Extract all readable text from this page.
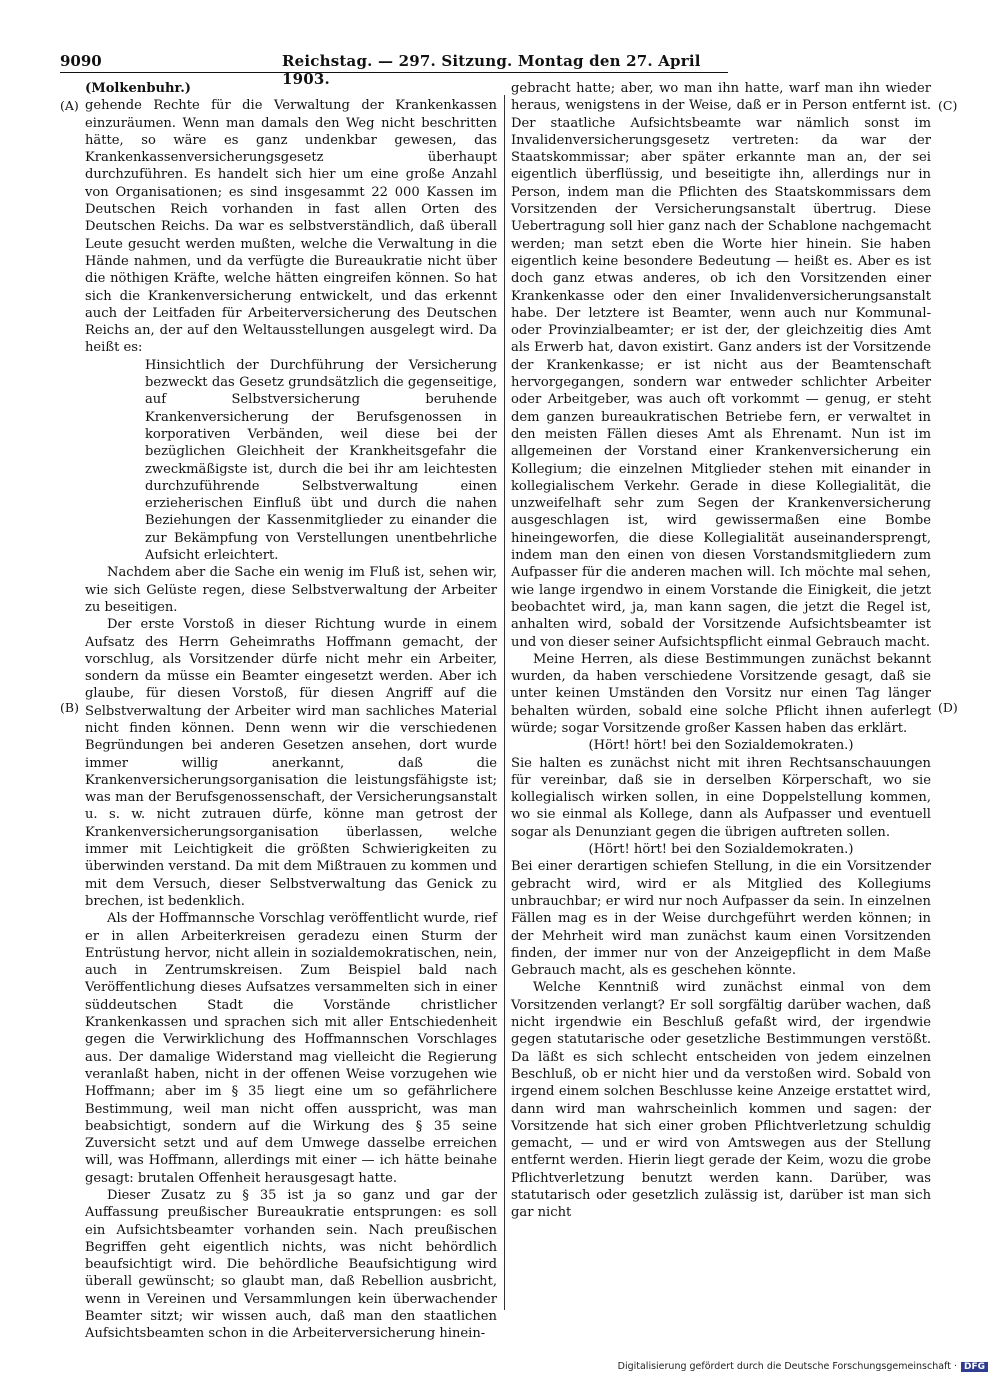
9090	Reichstag. — 297. Sitzung. Montag den 27. April 1903.
(A)
(B)
(C)
(D)

(Molkenbuhr.)

gehende Rechte für die Verwaltung der Krankenkassen einzuräumen. Wenn man damals den Weg nicht beschritten hätte, so wäre es ganz undenkbar gewesen, das Krankenkassenversicherungsgesetz überhaupt durchzuführen. Es handelt sich hier um eine große Anzahl von Organisationen; es sind insgesammt 22 000 Kassen im Deutschen Reich vorhanden in fast allen Orten des Deutschen Reichs. Da war es selbstverständlich, daß überall Leute gesucht werden mußten, welche die Verwaltung in die Hände nahmen, und da verfügte die Bureaukratie nicht über die nöthigen Kräfte, welche hätten eingreifen können. So hat sich die Krankenversicherung entwickelt, und das erkennt auch der Leitfaden für Arbeiterversicherung des Deutschen Reichs an, der auf den Weltausstellungen ausgelegt wird. Da heißt es:

Hinsichtlich der Durchführung der Versicherung bezweckt das Gesetz grundsätzlich die gegenseitige, auf Selbstversicherung beruhende Krankenversicherung der Berufsgenossen in korporativen Verbänden, weil diese bei der bezüglichen Gleichheit der Krankheitsgefahr die zweckmäßigste ist, durch die bei ihr am leichtesten durchzuführende Selbstverwaltung einen erzieherischen Einfluß übt und durch die nahen Beziehungen der Kassenmitglieder zu einander die zur Bekämpfung von Verstellungen unentbehrliche Aufsicht erleichtert.

Nachdem aber die Sache ein wenig im Fluß ist, sehen wir, wie sich Gelüste regen, diese Selbstverwaltung der Arbeiter zu beseitigen.

Der erste Vorstoß in dieser Richtung wurde in einem Aufsatz des Herrn Geheimraths Hoffmann gemacht, der vorschlug, als Vorsitzender dürfe nicht mehr ein Arbeiter, sondern da müsse ein Beamter eingesetzt werden. Aber ich glaube, für diesen Vorstoß, für diesen Angriff auf die Selbstverwaltung der Arbeiter wird man sachliches Material nicht finden können. Denn wenn wir die verschiedenen Begründungen bei anderen Gesetzen ansehen, dort wurde immer willig anerkannt, daß die Krankenversicherungsorganisation die leistungsfähigste ist; was man der Berufsgenossenschaft, der Versicherungsanstalt u. s. w. nicht zutrauen dürfe, könne man getrost der Krankenversicherungsorganisation überlassen, welche immer mit Leichtigkeit die größten Schwierigkeiten zu überwinden verstand. Da mit dem Mißtrauen zu kommen und mit dem Versuch, dieser Selbstverwaltung das Genick zu brechen, ist bedenklich.

Als der Hoffmannsche Vorschlag veröffentlicht wurde, rief er in allen Arbeiterkreisen geradezu einen Sturm der Entrüstung hervor, nicht allein in sozialdemokratischen, nein, auch in Zentrumskreisen. Zum Beispiel bald nach Veröffentlichung dieses Aufsatzes versammelten sich in einer süddeutschen Stadt die Vorstände christlicher Krankenkassen und sprachen sich mit aller Entschiedenheit gegen die Verwirklichung des Hoffmannschen Vorschlages aus. Der damalige Widerstand mag vielleicht die Regierung veranlaßt haben, nicht in der offenen Weise vorzugehen wie Hoffmann; aber im § 35 liegt eine um so gefährlichere Bestimmung, weil man nicht offen ausspricht, was man beabsichtigt, sondern auf die Wirkung des § 35 seine Zuversicht setzt und auf dem Umwege dasselbe erreichen will, was Hoffmann, allerdings mit einer — ich hätte beinahe gesagt: brutalen Offenheit herausgesagt hatte.

Dieser Zusatz zu § 35 ist ja so ganz und gar der Auffassung preußischer Bureaukratie entsprungen: es soll ein Aufsichtsbeamter vorhanden sein. Nach preußischen Begriffen geht eigentlich nichts, was nicht behördlich beaufsichtigt wird. Die behördliche Beaufsichtigung wird überall gewünscht; so glaubt man, daß Rebellion ausbricht, wenn in Vereinen und Versammlungen kein überwachender Beamter sitzt; wir wissen auch, daß man den staatlichen Aufsichtsbeamten schon in die Arbeiterversicherung hinein-

gebracht hatte; aber, wo man ihn hatte, warf man ihn wieder heraus, wenigstens in der Weise, daß er in Person entfernt ist. Der staatliche Aufsichtsbeamte war nämlich sonst im Invalidenversicherungsgesetz vertreten: da war der Staatskommissar; aber später erkannte man an, der sei eigentlich überflüssig, und beseitigte ihn, allerdings nur in Person, indem man die Pflichten des Staatskommissars dem Vorsitzenden der Versicherungsanstalt übertrug. Diese Uebertragung soll hier ganz nach der Schablone nachgemacht werden; man setzt eben die Worte hier hinein. Sie haben eigentlich keine besondere Bedeutung — heißt es. Aber es ist doch ganz etwas anderes, ob ich den Vorsitzenden einer Krankenkasse oder den einer Invalidenversicherungsanstalt habe. Der letztere ist Beamter, wenn auch nur Kommunal- oder Provinzialbeamter; er ist der, der gleichzeitig dies Amt als Erwerb hat, davon existirt. Ganz anders ist der Vorsitzende der Krankenkasse; er ist nicht aus der Beamtenschaft hervorgegangen, sondern war entweder schlichter Arbeiter oder Arbeitgeber, was auch oft vorkommt — genug, er steht dem ganzen bureaukratischen Betriebe fern, er verwaltet in den meisten Fällen dieses Amt als Ehrenamt. Nun ist im allgemeinen der Vorstand einer Krankenversicherung ein Kollegium; die einzelnen Mitglieder stehen mit einander in kollegialischem Verkehr. Gerade in diese Kollegialität, die unzweifelhaft sehr zum Segen der Krankenversicherung ausgeschlagen ist, wird gewissermaßen eine Bombe hineingeworfen, die diese Kollegialität auseinandersprengt, indem man den einen von diesen Vorstandsmitgliedern zum Aufpasser für die anderen machen will. Ich möchte mal sehen, wie lange irgendwo in einem Vorstande die Einigkeit, die jetzt beobachtet wird, ja, man kann sagen, die jetzt die Regel ist, anhalten wird, sobald der Vorsitzende Aufsichtsbeamter ist und von dieser seiner Aufsichtspflicht einmal Gebrauch macht.

Meine Herren, als diese Bestimmungen zunächst bekannt wurden, da haben verschiedene Vorsitzende gesagt, daß sie unter keinen Umständen den Vorsitz nur einen Tag länger behalten würden, sobald eine solche Pflicht ihnen auferlegt würde; sogar Vorsitzende großer Kassen haben das erklärt.

(Hört! hört! bei den Sozialdemokraten.)

Sie halten es zunächst nicht mit ihren Rechtsanschauungen für vereinbar, daß sie in derselben Körperschaft, wo sie kollegialisch wirken sollen, in eine Doppelstellung kommen, wo sie einmal als Kollege, dann als Aufpasser und eventuell sogar als Denunziant gegen die übrigen auftreten sollen.

(Hört! hört! bei den Sozialdemokraten.)

Bei einer derartigen schiefen Stellung, in die ein Vorsitzender gebracht wird, wird er als Mitglied des Kollegiums unbrauchbar; er wird nur noch Aufpasser da sein. In einzelnen Fällen mag es in der Weise durchgeführt werden können; in der Mehrheit wird man zunächst kaum einen Vorsitzenden finden, der immer nur von der Anzeigepflicht in dem Maße Gebrauch macht, als es geschehen könnte.

Welche Kenntniß wird zunächst einmal von dem Vorsitzenden verlangt? Er soll sorgfältig darüber wachen, daß nicht irgendwie ein Beschluß gefaßt wird, der irgendwie gegen statutarische oder gesetzliche Bestimmungen verstößt. Da läßt es sich schlecht entscheiden von jedem einzelnen Beschluß, ob er nicht hier und da verstoßen wird. Sobald von irgend einem solchen Beschlusse keine Anzeige erstattet wird, dann wird man wahrscheinlich kommen und sagen: der Vorsitzende hat sich einer groben Pflichtverletzung schuldig gemacht, — und er wird von Amtswegen aus der Stellung entfernt werden. Hierin liegt gerade der Keim, wozu die grobe Pflichtverletzung benutzt werden kann. Darüber, was statutarisch oder gesetzlich zulässig ist, darüber ist man sich gar nicht

Digitalisierung gefördert durch die Deutsche Forschungsgemeinschaft · DFG
